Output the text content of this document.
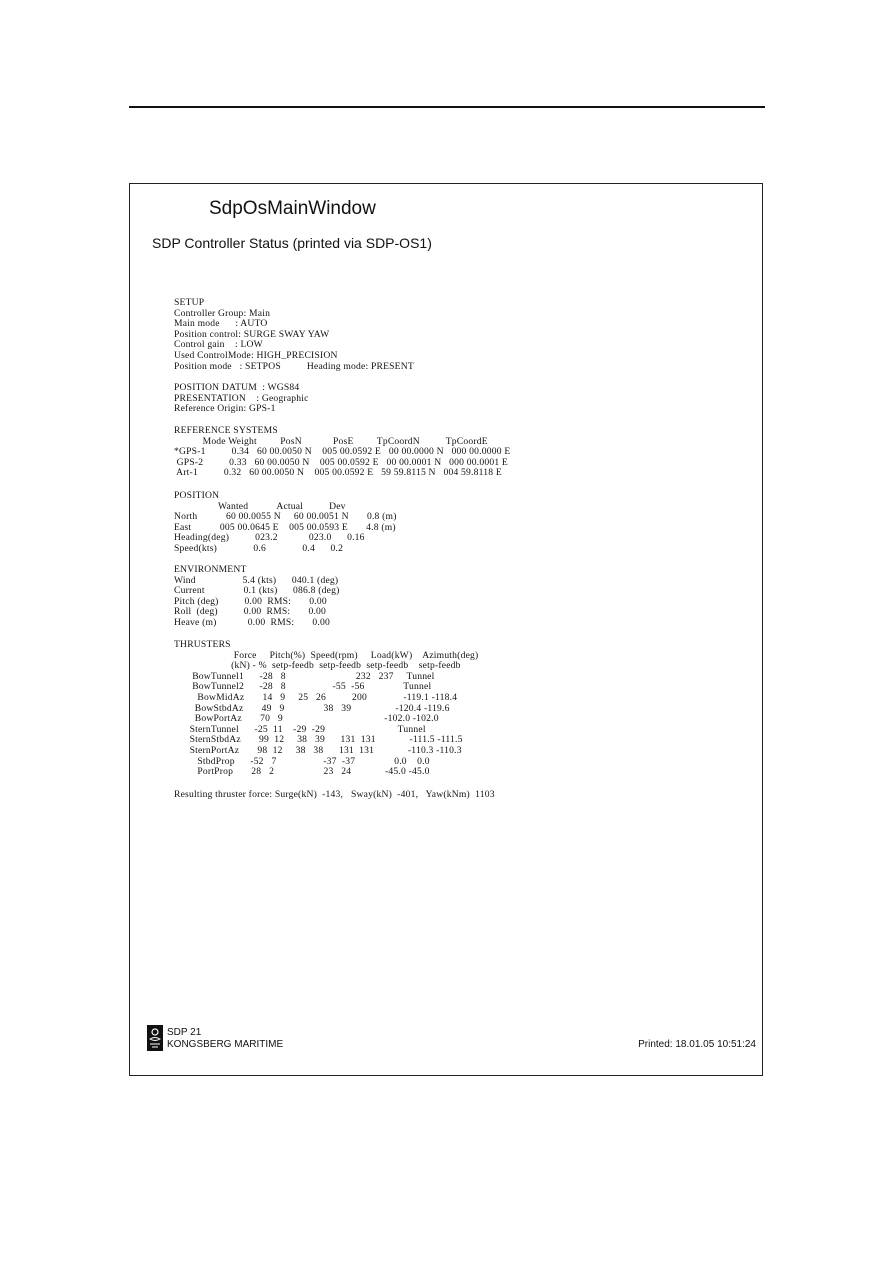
SdpOsMainWindow
SDP Controller Status (printed via SDP-OS1)
SETUP
Controller Group: Main
Main mode      : AUTO
Position control: SURGE SWAY YAW
Control gain    : LOW
Used ControlMode: HIGH_PRECISION
Position mode   : SETPOS          Heading mode: PRESENT
POSITION DATUM  : WGS84
PRESENTATION    : Geographic
Reference Origin: GPS-1
REFERENCE SYSTEMS
Mode Weight         PosN            PosE         TpCoordN          TpCoordE
*GPS-1          0.34   60 00.0050 N    005 00.0592 E   00 00.0000 N   000 00.0000 E
GPS-2          0.33   60 00.0050 N    005 00.0592 E   00 00.0001 N   000 00.0001 E
Art-1          0.32   60 00.0050 N    005 00.0592 E   59 59.8115 N   004 59.8118 E
POSITION
Wanted           Actual          Dev
North           60 00.0055 N     60 00.0051 N       0.8 (m)
East           005 00.0645 E    005 00.0593 E       4.8 (m)
Heading(deg)          023.2            023.0      0.16
Speed(kts)              0.6              0.4      0.2
ENVIRONMENT
Wind                  5.4 (kts)      040.1 (deg)
Current               0.1 (kts)      086.8 (deg)
Pitch (deg)          0.00  RMS:       0.00
Roll  (deg)          0.00  RMS:       0.00
Heave (m)            0.00  RMS:       0.00
THRUSTERS
Force     Pitch(%)  Speed(rpm)     Load(kW)    Azimuth(deg)
(kN) - %  setp-feedb  setp-feedb  setp-feedb    setp-feedb
BowTunnel1      -28   8                           232   237     Tunnel
BowTunnel2      -28   8                  -55  -56               Tunnel
BowMidAz       14   9     25   26          200              -119.1 -118.4
BowStbdAz       49   9               38   39                 -120.4 -119.6
BowPortAz       70   9                                       -102.0 -102.0
SternTunnel      -25  11    -29  -29                            Tunnel
SternStbdAz       99  12     38   39      131  131             -111.5 -111.5
SternPortAz       98  12     38   38      131  131             -110.3 -110.3
StbdProp      -52   7                  -37  -37               0.0    0.0
PortProp       28   2                   23   24             -45.0 -45.0
Resulting thruster force: Surge(kN)  -143,   Sway(kN)  -401,   Yaw(kNm)  1103
SDP 21
KONGSBERG MARITIME	Printed: 18.01.05 10:51:24
